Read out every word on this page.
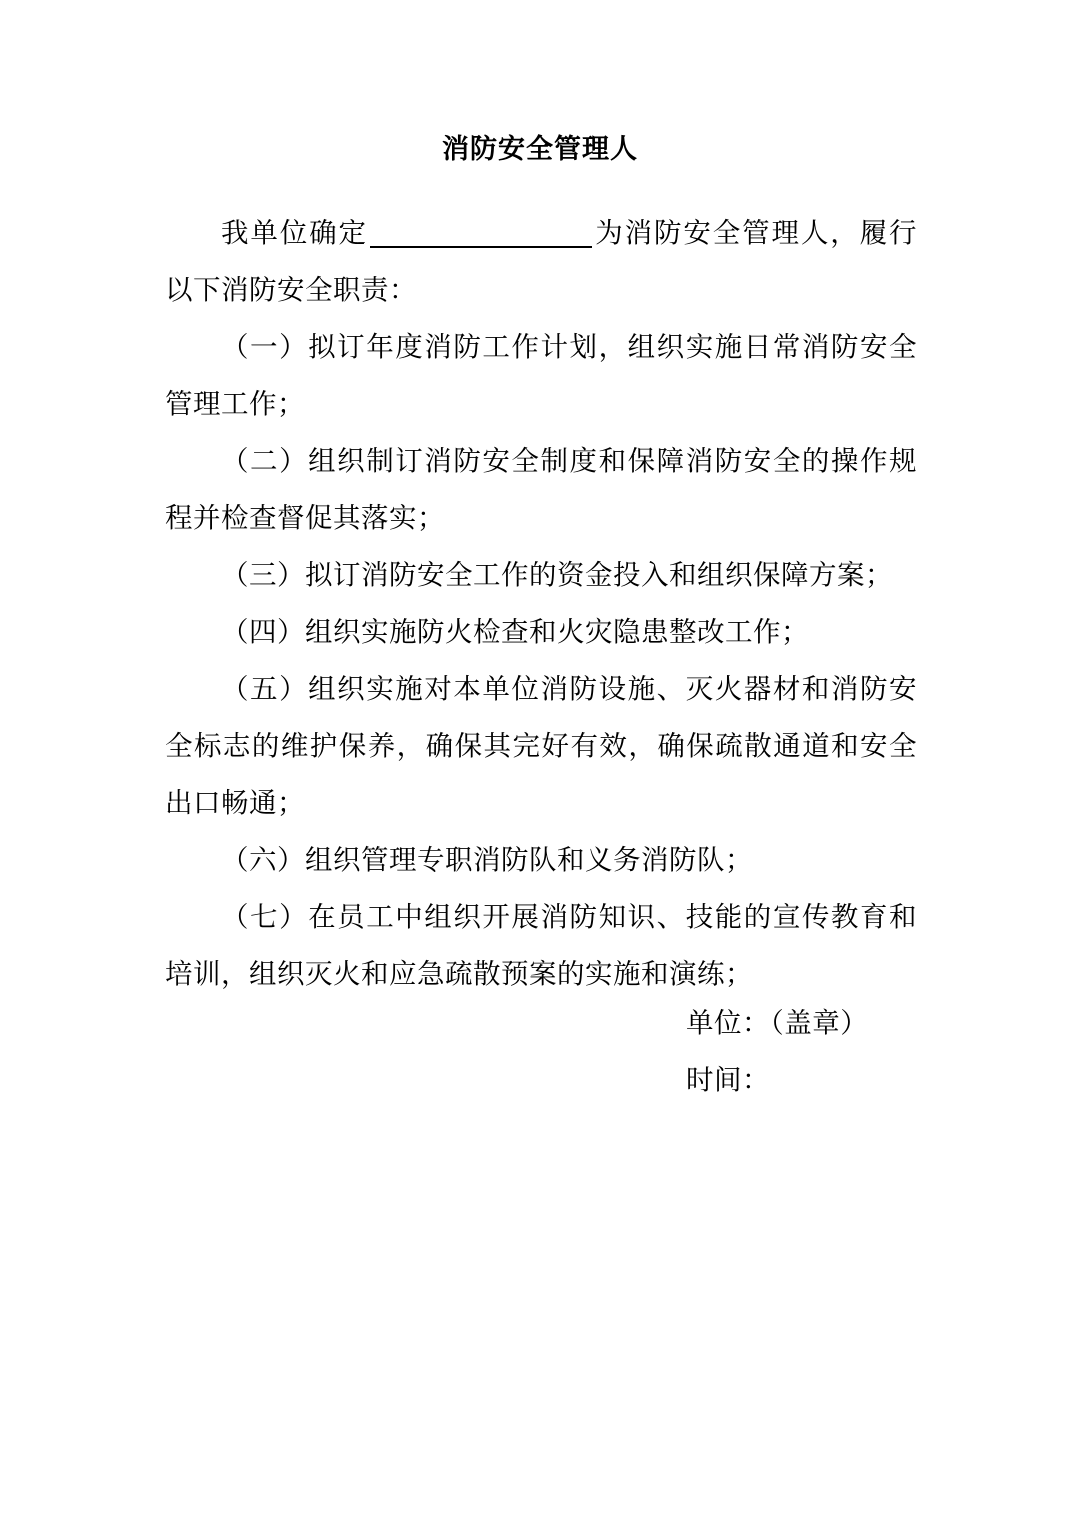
消防安全管理人

我单位确定	为消防安全管理人，履行以下消防安全职责：

（一）拟订年度消防工作计划，组织实施日常消防安全管理工作；

（二）组织制订消防安全制度和保障消防安全的操作规程并检查督促其落实；

（三）拟订消防安全工作的资金投入和组织保障方案；

（四）组织实施防火检查和火灾隐患整改工作；

（五）组织实施对本单位消防设施、灭火器材和消防安全标志的维护保养，确保其完好有效，确保疏散通道和安全出口畅通；

（六）组织管理专职消防队和义务消防队；

（七）在员工中组织开展消防知识、技能的宣传教育和培训，组织灭火和应急疏散预案的实施和演练；

单位：（盖章）
时间：
